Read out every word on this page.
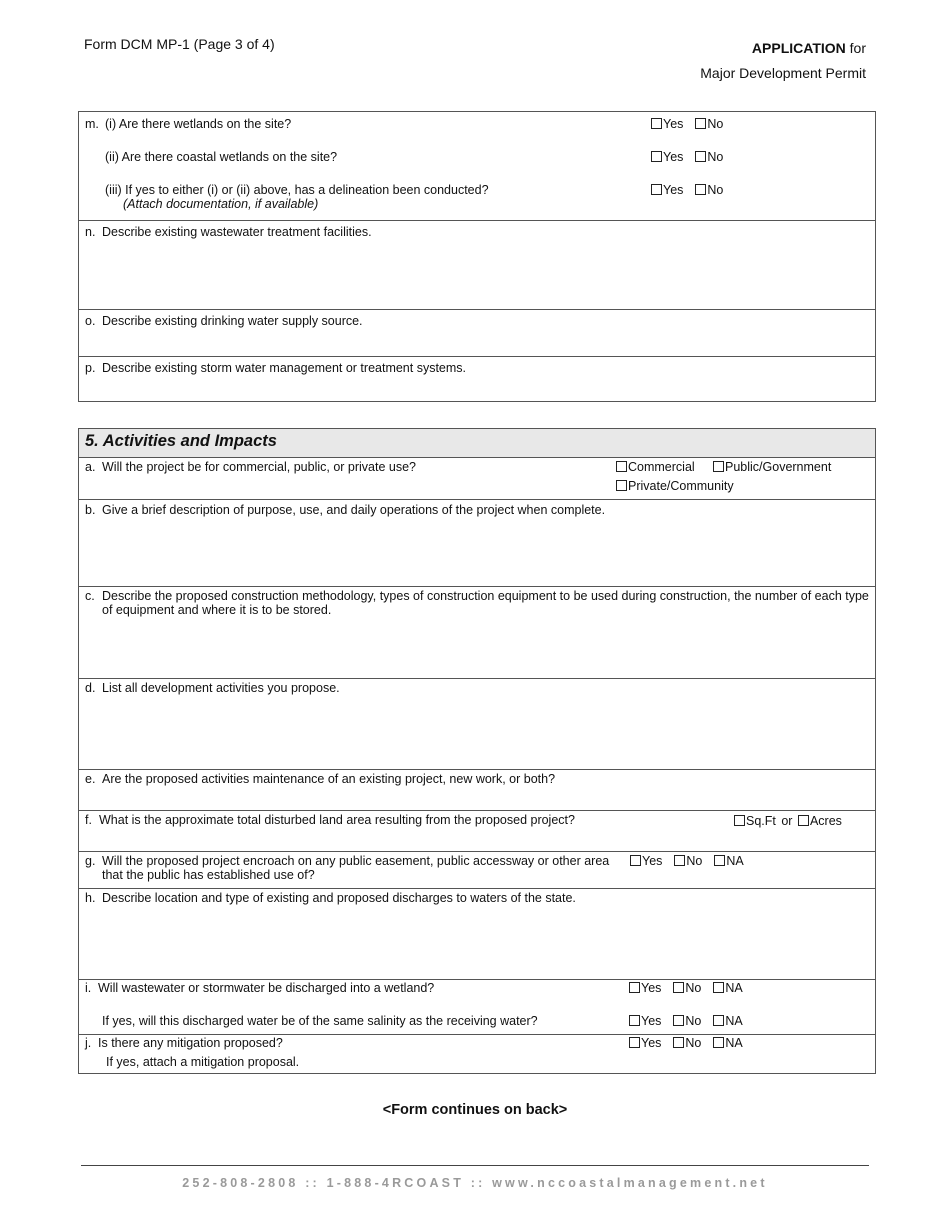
Form DCM MP-1 (Page 3 of 4)	APPLICATION for
Major Development Permit
m. (i) Are there wetlands on the site?	Yes No
(ii) Are there coastal wetlands on the site?	Yes No
(iii) If yes to either (i) or (ii) above, has a delineation been conducted?
(Attach documentation, if available)
Yes No
n. Describe existing wastewater treatment facilities.
o. Describe existing drinking water supply source.
p. Describe existing storm water management or treatment systems.
5. Activities and Impacts
a. Will the project be for commercial, public, or private use?	Commercial	Public/Government
Private/Community
b. Give a brief description of purpose, use, and daily operations of the project when complete.
c. Describe the proposed construction methodology, types of construction equipment to be used during construction, the number of each type
of equipment and where it is to be stored.
d. List all development activities you propose.
e. Are the proposed activities maintenance of an existing project, new work, or both?
f. What is the approximate total disturbed land area resulting from the proposed project?	Sq.Ft or Acres
g. Will the proposed project encroach on any public easement, public accessway or other area
that the public has established use of?
Yes No NA
h. Describe location and type of existing and proposed discharges to waters of the state.
i. Will wastewater or stormwater be discharged into a wetland?	Yes No NA
If yes, will this discharged water be of the same salinity as the receiving water?	Yes No NA
j. Is there any mitigation proposed?	Yes No NA
If yes, attach a mitigation proposal.
<Form continues on back>
252-808-2808 :: 1-888-4RCOAST :: www.nccoastalmanagement.net
